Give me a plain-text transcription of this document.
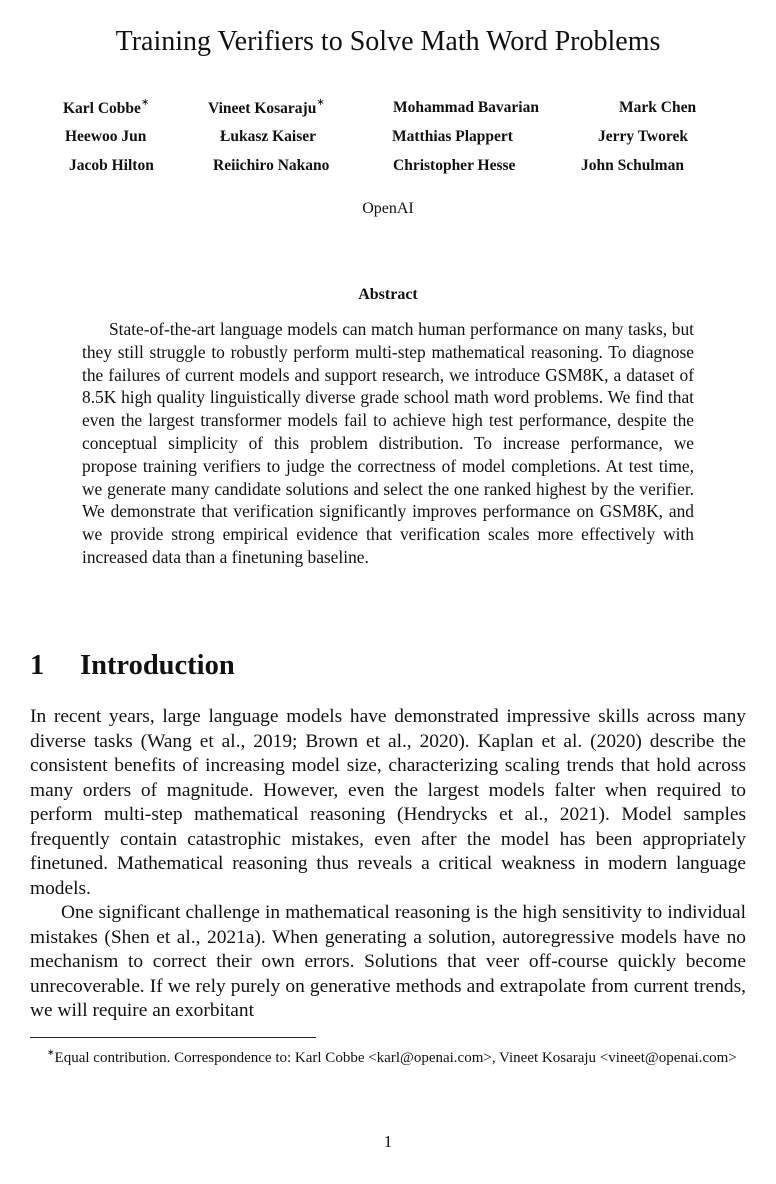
Training Verifiers to Solve Math Word Problems
Karl Cobbe∗	Vineet Kosaraju∗	Mohammad Bavarian	Mark Chen
Heewoo Jun	Łukasz Kaiser	Matthias Plappert	Jerry Tworek
Jacob Hilton	Reiichiro Nakano	Christopher Hesse	John Schulman
OpenAI
Abstract
State-of-the-art language models can match human performance on many tasks, but they still struggle to robustly perform multi-step mathematical reasoning. To diagnose the failures of current models and support research, we introduce GSM8K, a dataset of 8.5K high quality linguistically diverse grade school math word problems. We find that even the largest transformer models fail to achieve high test performance, despite the conceptual simplicity of this problem distribution. To increase performance, we propose training verifiers to judge the correctness of model completions. At test time, we generate many candidate solutions and select the one ranked highest by the verifier. We demonstrate that verification significantly improves performance on GSM8K, and we provide strong empirical evidence that verification scales more effectively with increased data than a finetuning baseline.
1 Introduction

In recent years, large language models have demonstrated impressive skills across many diverse tasks (Wang et al., 2019; Brown et al., 2020). Kaplan et al. (2020) describe the consistent benefits of increasing model size, characterizing scaling trends that hold across many orders of magnitude. However, even the largest models falter when required to perform multi-step mathematical reasoning (Hendrycks et al., 2021). Model samples frequently contain catastrophic mistakes, even after the model has been appropriately finetuned. Mathematical reasoning thus reveals a critical weakness in modern language models.

One significant challenge in mathematical reasoning is the high sensitivity to individual mistakes (Shen et al., 2021a). When generating a solution, autoregressive models have no mechanism to correct their own errors. Solutions that veer off-course quickly become unrecoverable. If we rely purely on generative methods and extrapolate from current trends, we will require an exorbitant

∗Equal contribution. Correspondence to: Karl Cobbe <karl@openai.com>, Vineet Kosaraju <vineet@openai.com>
1
